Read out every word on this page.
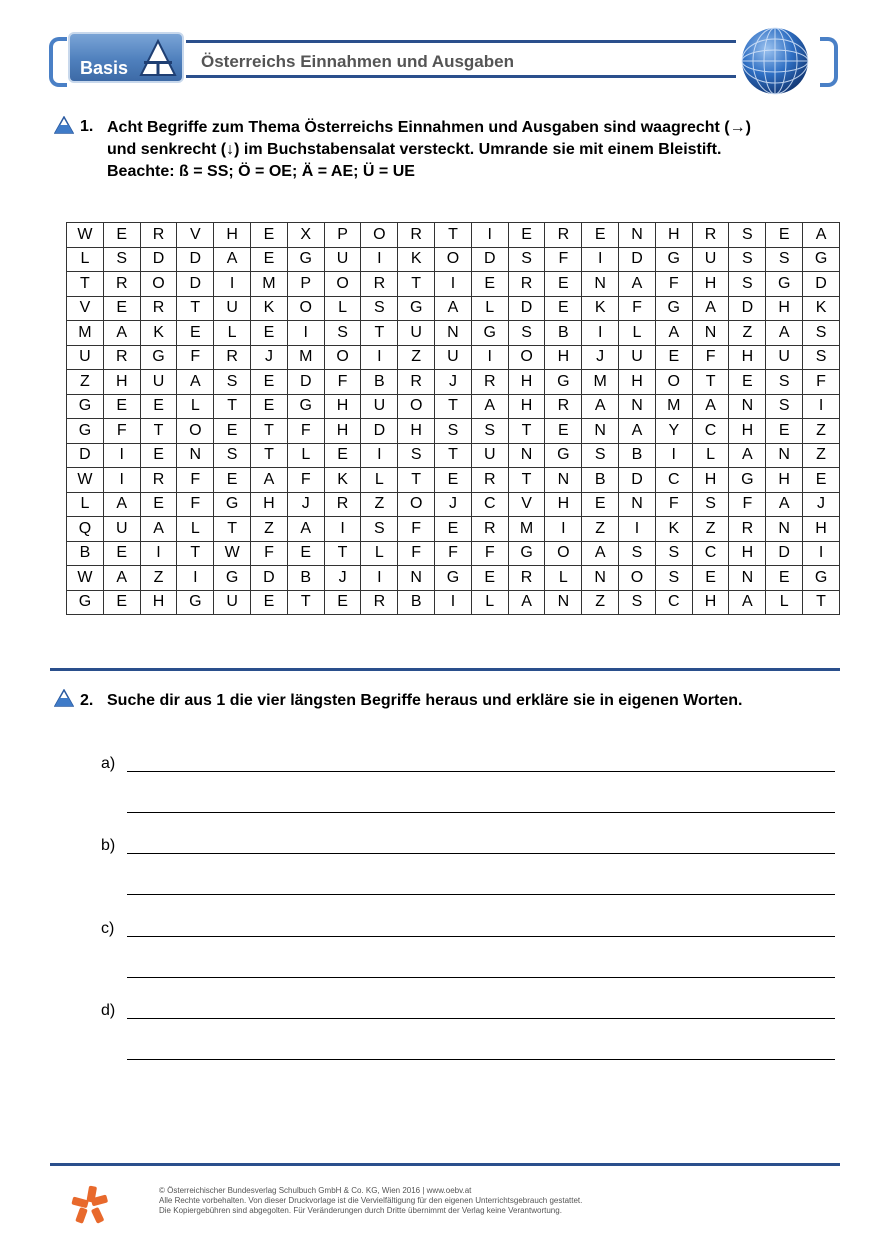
Basis	Österreichs Einnahmen und Ausgaben
1. Acht Begriffe zum Thema Österreichs Einnahmen und Ausgaben sind waagrecht (→)
und senkrecht (↓) im Buchstabensalat versteckt. Umrande sie mit einem Bleistift.
Beachte: ß = SS; Ö = OE; Ä = AE; Ü = UE
W	E	R	V	H	E	X	P	O	R	T	I	E	R	E	N	H	R	S	E	A
L	S	D	D	A	E	G	U	I	K	O	D	S	F	I	D	G	U	S	S	G
T	R	O	D	I	M	P	O	R	T	I	E	R	E	N	A	F	H	S	G	D
V	E	R	T	U	K	O	L	S	G	A	L	D	E	K	F	G	A	D	H	K
M	A	K	E	L	E	I	S	T	U	N	G	S	B	I	L	A	N	Z	A	S
U	R	G	F	R	J	M	O	I	Z	U	I	O	H	J	U	E	F	H	U	S
Z	H	U	A	S	E	D	F	B	R	J	R	H	G	M	H	O	T	E	S	F
G	E	E	L	T	E	G	H	U	O	T	A	H	R	A	N	M	A	N	S	I
G	F	T	O	E	T	F	H	D	H	S	S	T	E	N	A	Y	C	H	E	Z
D	I	E	N	S	T	L	E	I	S	T	U	N	G	S	B	I	L	A	N	Z
W	I	R	F	E	A	F	K	L	T	E	R	T	N	B	D	C	H	G	H	E
L	A	E	F	G	H	J	R	Z	O	J	C	V	H	E	N	F	S	F	A	J
Q	U	A	L	T	Z	A	I	S	F	E	R	M	I	Z	I	K	Z	R	N	H
B	E	I	T	W	F	E	T	L	F	F	F	G	O	A	S	S	C	H	D	I
W	A	Z	I	G	D	B	J	I	N	G	E	R	L	N	O	S	E	N	E	G
G	E	H	G	U	E	T	E	R	B	I	L	A	N	Z	S	C	H	A	L	T
2. Suche dir aus 1 die vier längsten Begriffe heraus und erkläre sie in eigenen Worten.
a)
b)
c)
d)
© Österreichischer Bundesverlag Schulbuch GmbH & Co. KG, Wien 2016 | www.oebv.at
Alle Rechte vorbehalten. Von dieser Druckvorlage ist die Vervielfältigung für den eigenen Unterrichtsgebrauch gestattet.
Die Kopiergebühren sind abgegolten. Für Veränderungen durch Dritte übernimmt der Verlag keine Verantwortung.
